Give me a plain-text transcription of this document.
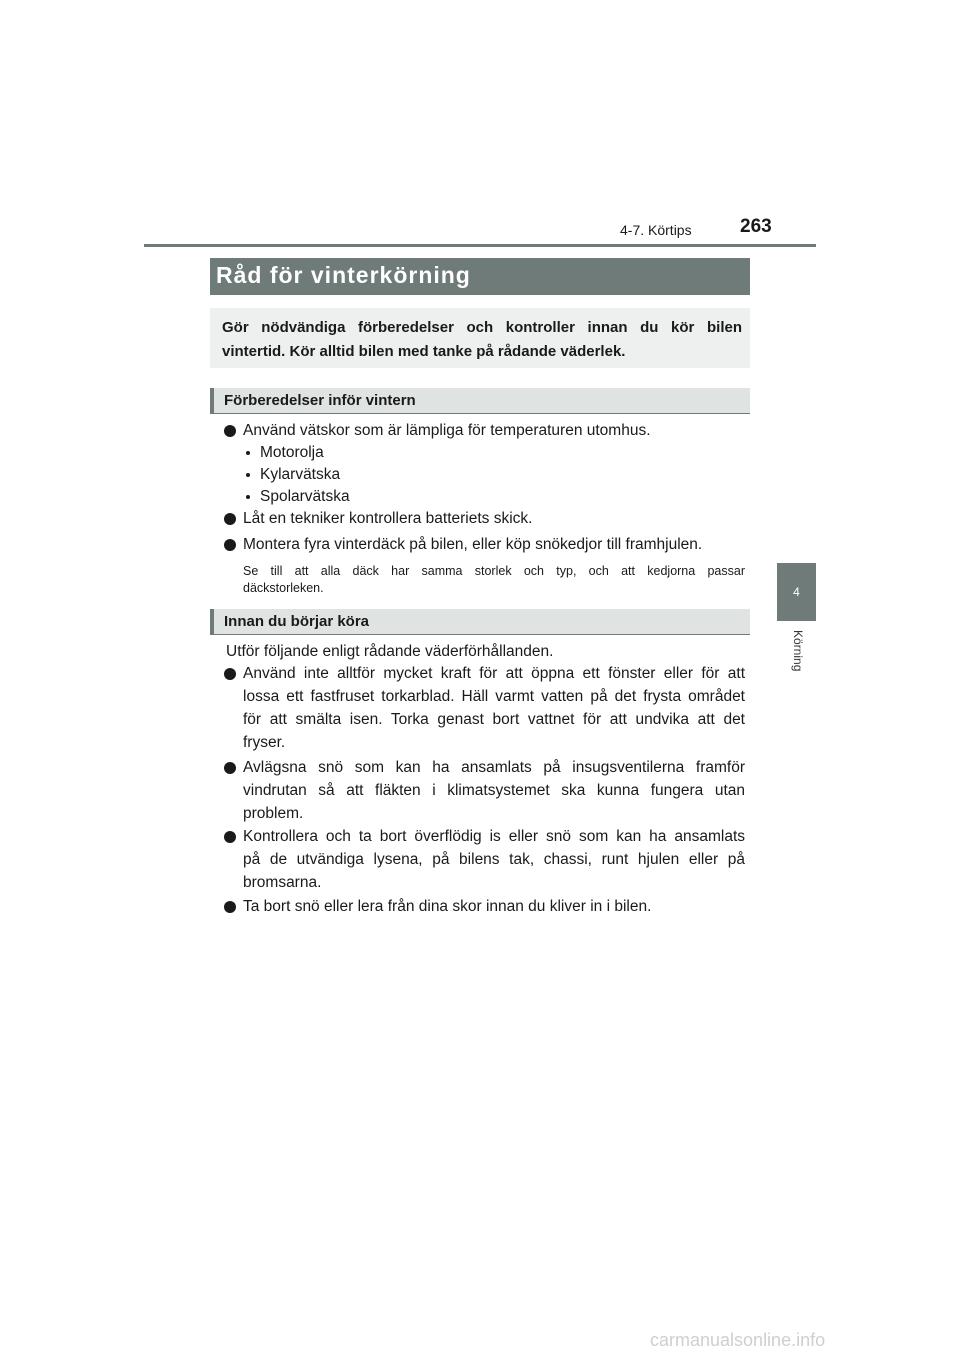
4-7. Körtips	263
4
Körning
Råd för vinterkörning
Gör nödvändiga förberedelser och kontroller innan du kör bilen vintertid. Kör alltid bilen med tanke på rådande väderlek.
Förberedelser inför vintern
Använd vätskor som är lämpliga för temperaturen utomhus.
Motorolja
Kylarvätska
Spolarvätska
Låt en tekniker kontrollera batteriets skick.
Montera fyra vinterdäck på bilen, eller köp snökedjor till framhjulen.
Se till att alla däck har samma storlek och typ, och att kedjorna passar
däckstorleken.
Innan du börjar köra
Utför följande enligt rådande väderförhållanden.
Använd inte alltför mycket kraft för att öppna ett fönster eller för att
lossa ett fastfruset torkarblad. Häll varmt vatten på det frysta området
för att smälta isen. Torka genast bort vattnet för att undvika att det
fryser.
Avlägsna snö som kan ha ansamlats på insugsventilerna framför
vindrutan så att fläkten i klimatsystemet ska kunna fungera utan
problem.
Kontrollera och ta bort överflödig is eller snö som kan ha ansamlats
på de utvändiga lysena, på bilens tak, chassi, runt hjulen eller på
bromsarna.
Ta bort snö eller lera från dina skor innan du kliver in i bilen.
carmanualsonline.info
